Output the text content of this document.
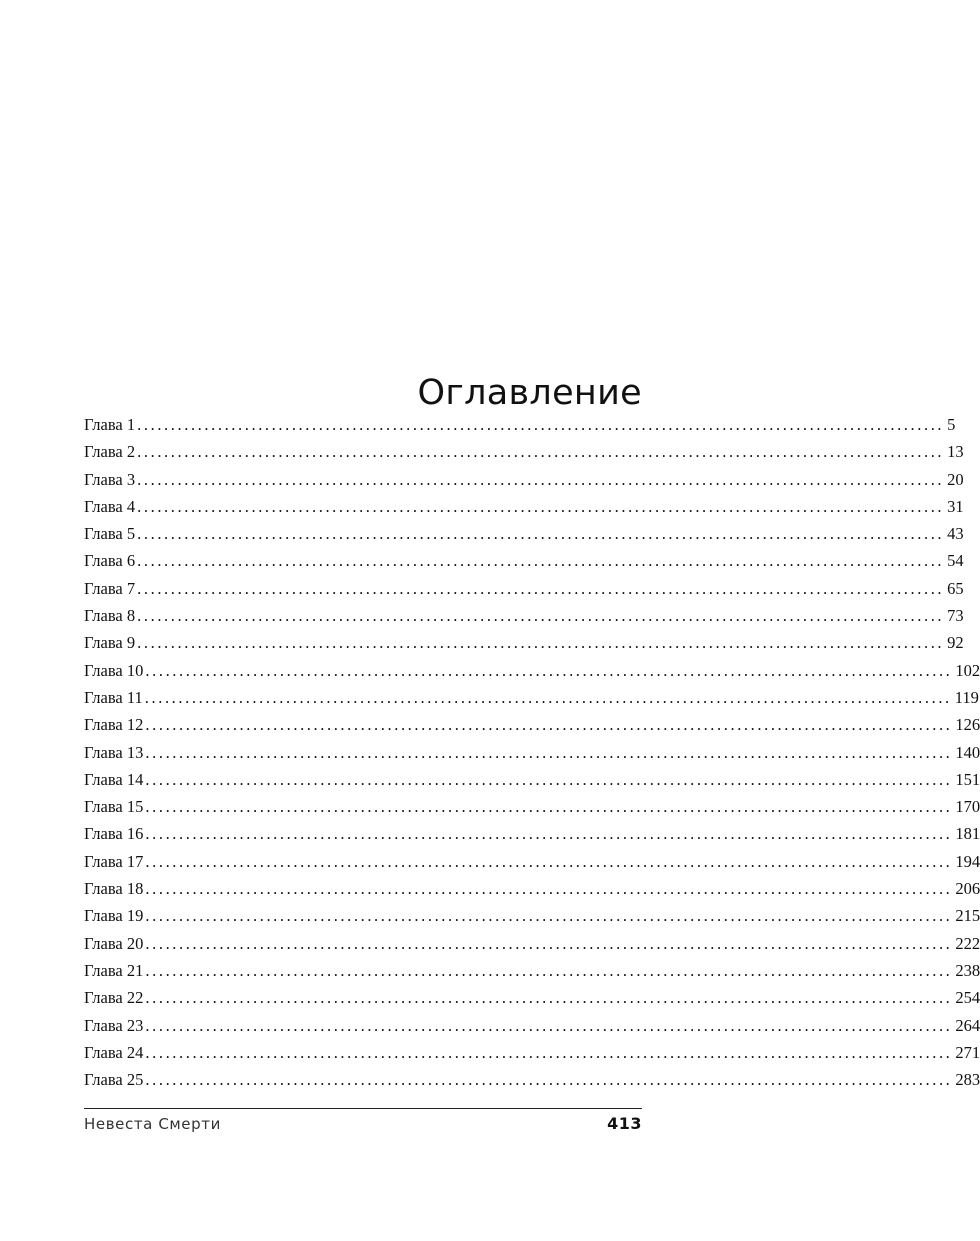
Оглавление
Глава 1 ........................................................................................................................ 5
Глава 2 ........................................................................................................................ 13
Глава 3 ........................................................................................................................ 20
Глава 4 ........................................................................................................................ 31
Глава 5 ........................................................................................................................ 43
Глава 6 ........................................................................................................................ 54
Глава 7 ........................................................................................................................ 65
Глава 8 ........................................................................................................................ 73
Глава 9 ........................................................................................................................ 92
Глава 10 ........................................................................................................................ 102
Глава 11 ........................................................................................................................ 119
Глава 12 ........................................................................................................................ 126
Глава 13 ........................................................................................................................ 140
Глава 14 ........................................................................................................................ 151
Глава 15 ........................................................................................................................ 170
Глава 16 ........................................................................................................................ 181
Глава 17 ........................................................................................................................ 194
Глава 18 ........................................................................................................................ 206
Глава 19 ........................................................................................................................ 215
Глава 20 ........................................................................................................................ 222
Глава 21 ........................................................................................................................ 238
Глава 22 ........................................................................................................................ 254
Глава 23 ........................................................................................................................ 264
Глава 24 ........................................................................................................................ 271
Глава 25 ........................................................................................................................ 283
Невеста Смерти	413
